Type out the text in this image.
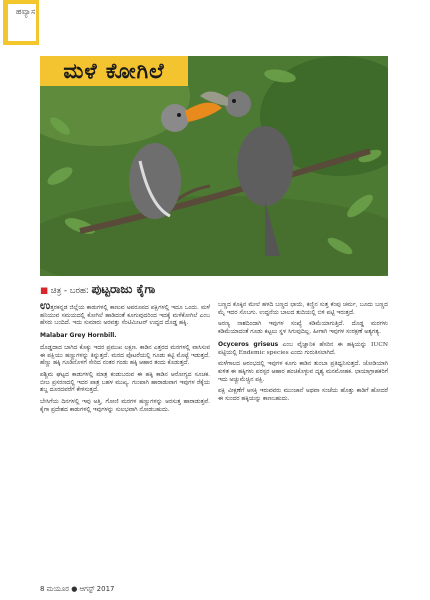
ಹವ್ಯಾಸ
ಮಳೆ ಕೋಗಿಲೆ
■ ಚಿತ್ರ - ಬರಹ: ಪುಟ್ಟರಾಜು ಕೈಗಾ

ಉತ್ತರಕನ್ನಡ ಜಿಲ್ಲೆಯ ಕಾಡುಗಳಲ್ಲಿ ಕಾಣುವ ಅಪರೂಪದ ಪಕ್ಷಿಗಳಲ್ಲಿ ಇದೂ ಒಂದು. ಮಳೆ ಹನಿಯುವ ಸಮಯದಲ್ಲಿ ಕೋಗಿಲೆ ಹಾಡಿದಂತೆ ಕೂಗುವುದರಿಂದ ಇದಕ್ಕೆ ಮಳೆಕೋಗಿಲೆ ಎಂಬ ಹೆಸರು ಬಂದಿದೆ. ಇದು ಸುಮಾರು ಅರವತ್ತು ಸೆಂಟಿಮೀಟರ್ ಉದ್ದದ ದೊಡ್ಡ ಹಕ್ಕಿ.

Malabar Grey Hornbill.

ದೊಡ್ಡದಾದ ಬಾಗಿದ ಕೊಕ್ಕು ಇದರ ಪ್ರಮುಖ ಲಕ್ಷಣ. ಕಾಡಿನ ಎತ್ತರದ ಮರಗಳಲ್ಲಿ ವಾಸಿಸುವ ಈ ಪಕ್ಷಿಯು ಹಣ್ಣುಗಳನ್ನು ತಿನ್ನುತ್ತದೆ. ಮರದ ಪೊಟರೆಯಲ್ಲಿ ಗೂಡು ಕಟ್ಟಿ ಮೊಟ್ಟೆ ಇಡುತ್ತದೆ. ಹೆಣ್ಣು ಹಕ್ಕಿ ಗೂಡಿನೊಳಗೆ ಸೇರಿದ ನಂತರ ಗಂಡು ಹಕ್ಕಿ ಆಹಾರ ತಂದು ಕೊಡುತ್ತದೆ.

ಪಶ್ಚಿಮ ಘಟ್ಟದ ಕಾಡುಗಳಲ್ಲಿ ಮಾತ್ರ ಕಂಡುಬರುವ ಈ ಹಕ್ಕಿ ಕಾಡಿನ ಆರೋಗ್ಯದ ಸೂಚಕ. ಬೀಜ ಪ್ರಸರಣದಲ್ಲಿ ಇದರ ಪಾತ್ರ ಬಹಳ ಮುಖ್ಯ. ಗುಂಪಾಗಿ ಹಾರಾಡುವಾಗ ಇವುಗಳ ರೆಕ್ಕೆಯ ಶಬ್ದ ದೂರದವರೆಗೆ ಕೇಳಿಸುತ್ತದೆ.

ಬೇಸಿಗೆಯ ದಿನಗಳಲ್ಲಿ ಇವು ಅತ್ತಿ, ಗೋಣಿ ಮರಗಳ ಹಣ್ಣುಗಳನ್ನು ಅರಸುತ್ತ ಹಾರಾಡುತ್ತವೆ. ಕೈಗಾ ಪ್ರದೇಶದ ಕಾಡುಗಳಲ್ಲಿ ಇವುಗಳನ್ನು ಸುಲಭವಾಗಿ ನೋಡಬಹುದು.

ಬಣ್ಣದ ಕೊಕ್ಕಿನ ಮೇಲೆ ಹಳದಿ ಬಣ್ಣದ ಛಾಯೆ, ಕಣ್ಣಿನ ಸುತ್ತ ಕೆಂಪು ಚರ್ಮ, ಬೂದು ಬಣ್ಣದ ಮೈ ಇದರ ಸೊಬಗು. ಉದ್ದನೆಯ ಬಾಲದ ತುದಿಯಲ್ಲಿ ಬಿಳಿ ಪಟ್ಟಿ ಇರುತ್ತದೆ.

ಅರಣ್ಯ ನಾಶದಿಂದಾಗಿ ಇವುಗಳ ಸಂಖ್ಯೆ ಕಡಿಮೆಯಾಗುತ್ತಿದೆ. ದೊಡ್ಡ ಮರಗಳು ಕಡಿಮೆಯಾದಂತೆ ಗೂಡು ಕಟ್ಟಲು ಸ್ಥಳ ಸಿಗುವುದಿಲ್ಲ. ಹೀಗಾಗಿ ಇವುಗಳ ಸಂರಕ್ಷಣೆ ಅತ್ಯಗತ್ಯ.

Ocyceros griseus ಎಂಬ ವೈಜ್ಞಾನಿಕ ಹೆಸರಿನ ಈ ಹಕ್ಕಿಯನ್ನು IUCN ಪಟ್ಟಿಯಲ್ಲಿ Endemic species ಎಂದು ಗುರುತಿಸಲಾಗಿದೆ.

ಮಳೆಗಾಲದ ಆರಂಭದಲ್ಲಿ ಇವುಗಳ ಕೂಗು ಕಾಡಿನ ತುಂಬಾ ಪ್ರತಿಧ್ವನಿಸುತ್ತದೆ. ಜೋಡಿಯಾಗಿ ಕುಳಿತ ಈ ಹಕ್ಕಿಗಳು ಪರಸ್ಪರ ಆಹಾರ ಹಂಚಿಕೊಳ್ಳುವ ದೃಶ್ಯ ಮನಮೋಹಕ. ಛಾಯಾಗ್ರಾಹಕರಿಗೆ ಇದು ಅಚ್ಚುಮೆಚ್ಚಿನ ಪಕ್ಷಿ.

ಪಕ್ಷಿ ವೀಕ್ಷಣೆಗೆ ಆಸಕ್ತಿ ಇರುವವರು ಮುಂಜಾನೆ ಅಥವಾ ಸಂಜೆಯ ಹೊತ್ತು ಕಾಡಿಗೆ ಹೋದರೆ ಈ ಸುಂದರ ಹಕ್ಕಿಯನ್ನು ಕಾಣಬಹುದು.

8 ಮಯೂರ ● ಆಗಸ್ಟ್ 2017
